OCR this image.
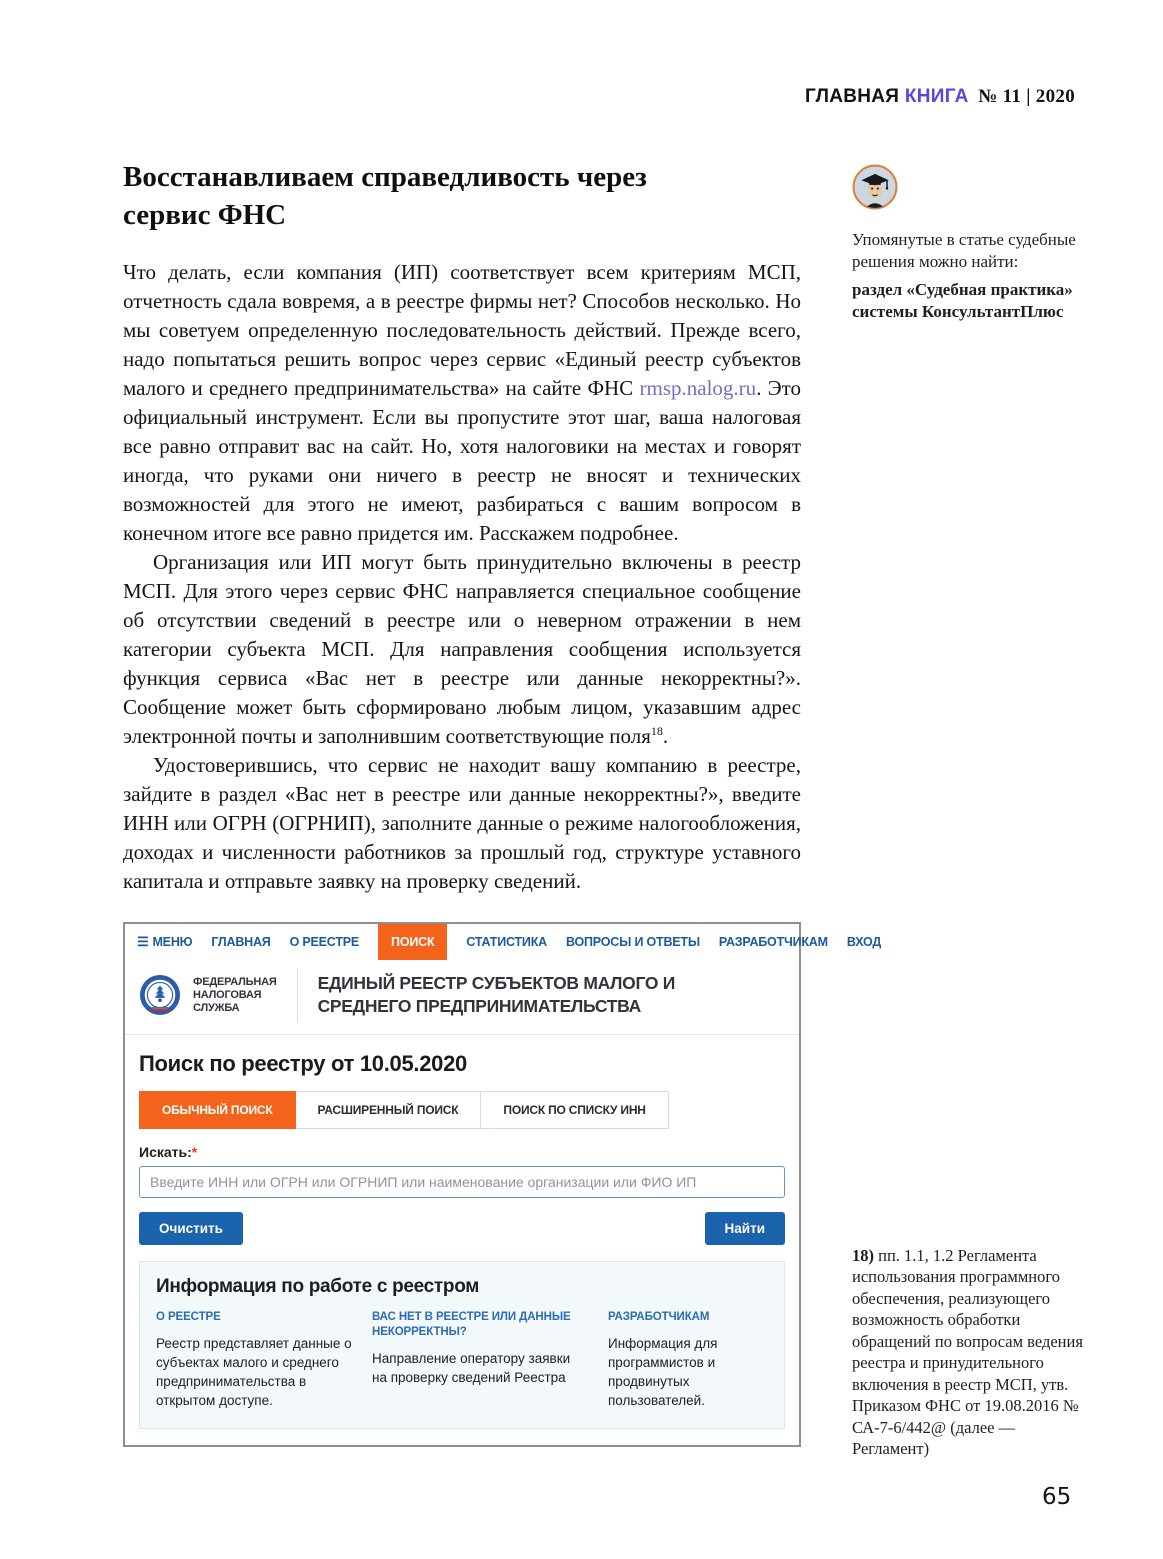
ГЛАВНАЯ КНИГА № 11 | 2020
Восстанавливаем справедливость через
сервис ФНС

Что делать, если компания (ИП) соответствует всем критериям МСП, отчетность сдала вовремя, а в реестре фирмы нет? Способов несколько. Но мы советуем определенную последовательность действий. Прежде всего, надо попытаться решить вопрос через сервис «Единый реестр субъектов малого и среднего предпринимательства» на сайте ФНС rmsp.nalog.ru. Это официальный инструмент. Если вы пропустите этот шаг, ваша налоговая все равно отправит вас на сайт. Но, хотя налоговики на местах и говорят иногда, что руками они ничего в реестр не вносят и технических возможностей для этого не имеют, разбираться с вашим вопросом в конечном итоге все равно придется им. Расскажем подробнее.

Организация или ИП могут быть принудительно включены в реестр МСП. Для этого через сервис ФНС направляется специальное сообщение об отсутствии сведений в реестре или о неверном отражении в нем категории субъекта МСП. Для направления сообщения используется функция сервиса «Вас нет в реестре или данные некорректны?». Сообщение может быть сформировано любым лицом, указавшим адрес электронной почты и заполнившим соответствующие поля$^{18}$.

Удостоверившись, что сервис не находит вашу компанию в реестре, зайдите в раздел «Вас нет в реестре или данные некорректны?», введите ИНН или ОГРН (ОГРНИП), заполните данные о режиме налогообложения, доходах и численности работников за прошлый год, структуре уставного капитала и отправьте заявку на проверку сведений.

☰ МЕНЮ ГЛАВНАЯ О РЕЕСТРЕ	ПОИСК	СТАТИСТИКА ВОПРОСЫ И ОТВЕТЫ РАЗРАБОТЧИКАМ ВХОД
ФЕДЕРАЛЬНАЯ
НАЛОГОВАЯ
СЛУЖБА
ЕДИНЫЙ РЕЕСТР СУБЪЕКТОВ МАЛОГО И СРЕДНЕГО ПРЕДПРИНИМАТЕЛЬСТВА
Поиск по реестру от 10.05.2020
ОБЫЧНЫЙ ПОИСК	РАСШИРЕННЫЙ ПОИСК	ПОИСК ПО СПИСКУ ИНН
Искать:*
Введите ИНН или ОГРН или ОГРНИП или наименование организации или ФИО ИП
Очистить	Найти
Информация по работе с реестром
О РЕЕСТРЕ
Реестр представляет данные о субъектах малого и среднего предпринимательства в открытом доступе.
ВАС НЕТ В РЕЕСТРЕ ИЛИ ДАННЫЕ НЕКОРРЕКТНЫ?
Направление оператору заявки на проверку сведений Реестра
РАЗРАБОТЧИКАМ
Информация для программистов и продвинутых пользователей.

Упомянутые в статье судебные решения можно найти:

раздел «Судебная практика» системы КонсультантПлюс

18) пп. 1.1, 1.2 Регламента использования программного обеспечения, реализующего возможность обработки обращений по вопросам ведения реестра и принудительного включения в реестр МСП, утв. Приказом ФНС от 19.08.2016 № СА-7-6/442@ (далее — Регламент)

65
